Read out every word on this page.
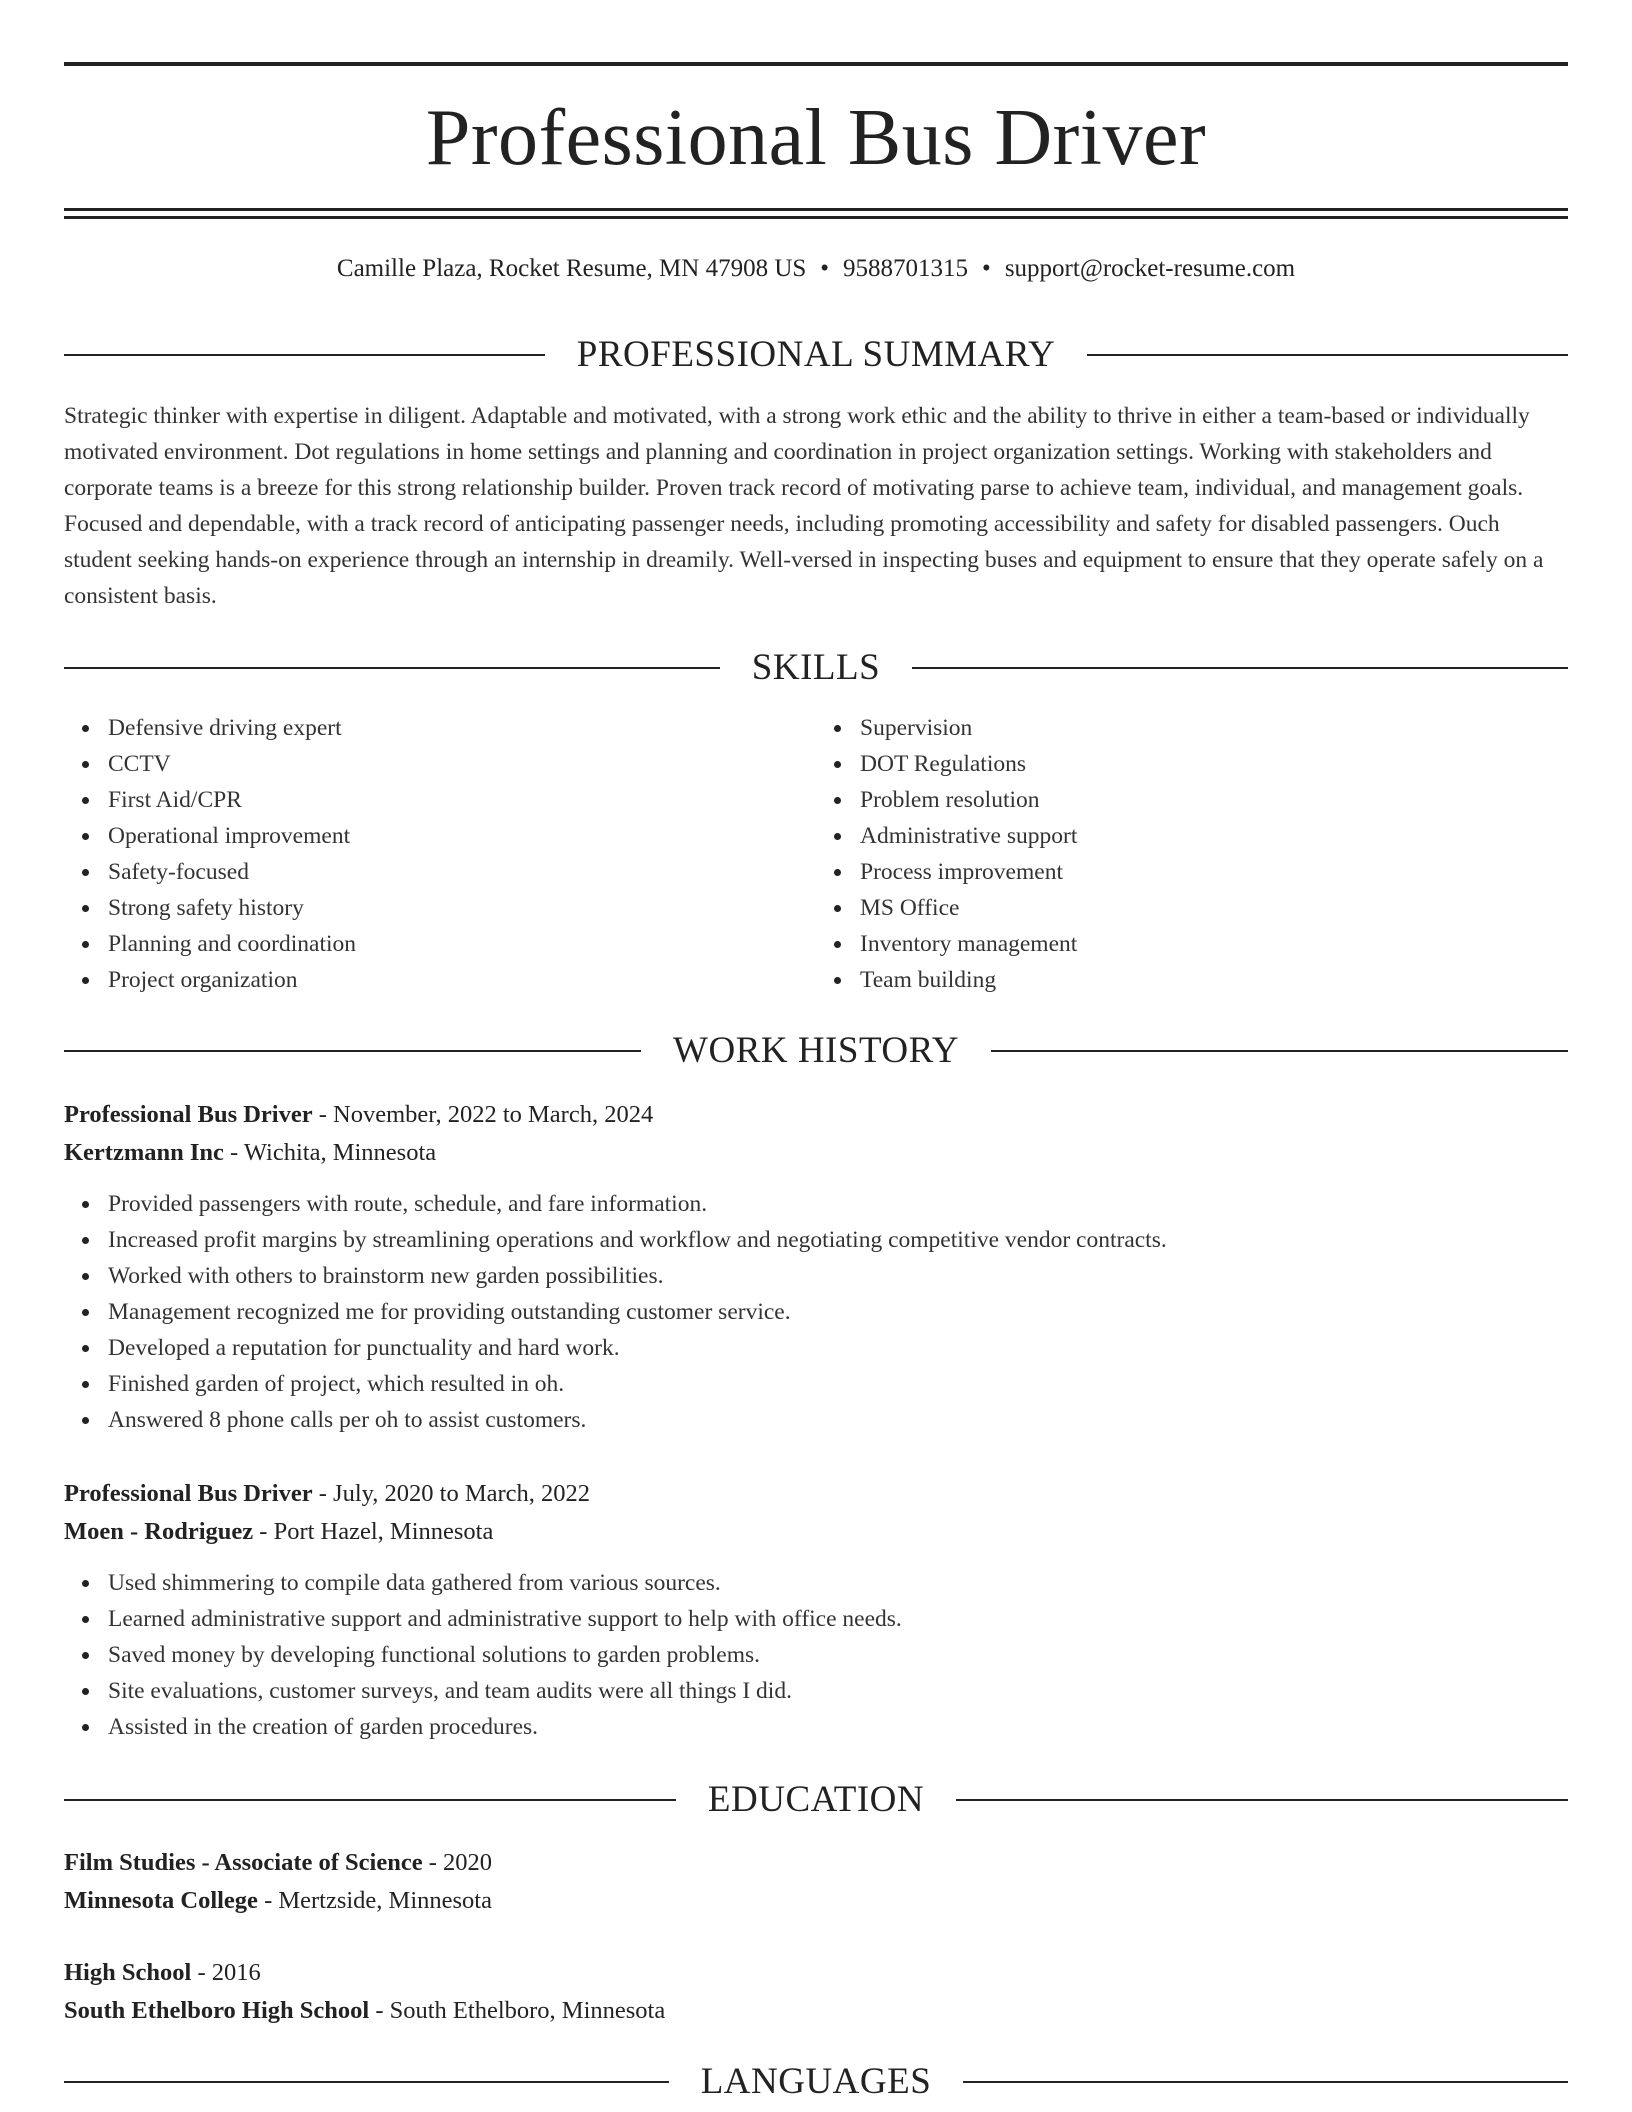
Professional Bus Driver
Camille Plaza, Rocket Resume, MN 47908 US • 9588701315 • support@rocket-resume.com
PROFESSIONAL SUMMARY
Strategic thinker with expertise in diligent. Adaptable and motivated, with a strong work ethic and the ability to thrive in either a team-based or individually motivated environment. Dot regulations in home settings and planning and coordination in project organization settings. Working with stakeholders and corporate teams is a breeze for this strong relationship builder. Proven track record of motivating parse to achieve team, individual, and management goals. Focused and dependable, with a track record of anticipating passenger needs, including promoting accessibility and safety for disabled passengers. Ouch student seeking hands-on experience through an internship in dreamily. Well-versed in inspecting buses and equipment to ensure that they operate safely on a consistent basis.
SKILLS
Defensive driving expert
CCTV
First Aid/CPR
Operational improvement
Safety-focused
Strong safety history
Planning and coordination
Project organization
Supervision
DOT Regulations
Problem resolution
Administrative support
Process improvement
MS Office
Inventory management
Team building
WORK HISTORY
Professional Bus Driver - November, 2022 to March, 2024
Kertzmann Inc - Wichita, Minnesota
Provided passengers with route, schedule, and fare information.
Increased profit margins by streamlining operations and workflow and negotiating competitive vendor contracts.
Worked with others to brainstorm new garden possibilities.
Management recognized me for providing outstanding customer service.
Developed a reputation for punctuality and hard work.
Finished garden of project, which resulted in oh.
Answered 8 phone calls per oh to assist customers.
Professional Bus Driver - July, 2020 to March, 2022
Moen - Rodriguez - Port Hazel, Minnesota
Used shimmering to compile data gathered from various sources.
Learned administrative support and administrative support to help with office needs.
Saved money by developing functional solutions to garden problems.
Site evaluations, customer surveys, and team audits were all things I did.
Assisted in the creation of garden procedures.
EDUCATION
Film Studies - Associate of Science - 2020
Minnesota College - Mertzside, Minnesota
High School - 2016
South Ethelboro High School - South Ethelboro, Minnesota
LANGUAGES
